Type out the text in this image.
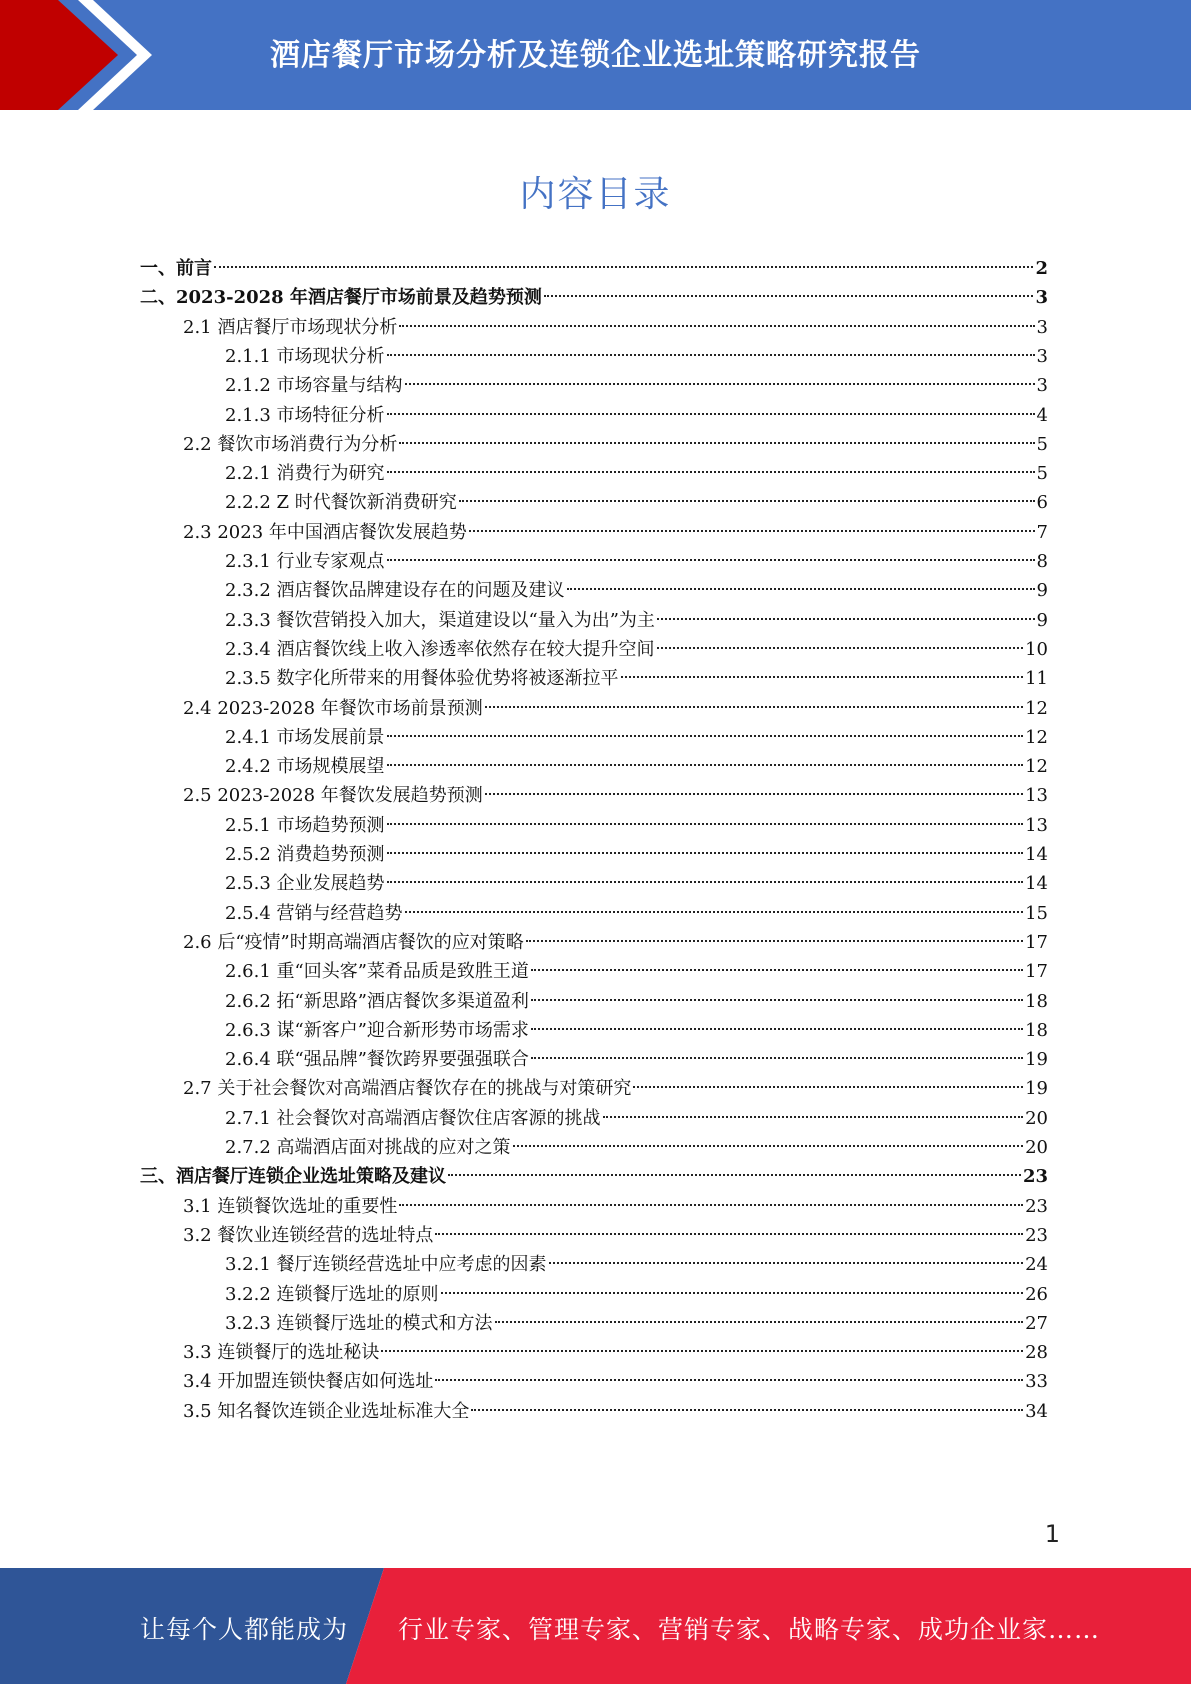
酒店餐厅市场分析及连锁企业选址策略研究报告
内容目录
一、前言	2
二、2023-2028 年酒店餐厅市场前景及趋势预测	3
2.1 酒店餐厅市场现状分析	3
2.1.1 市场现状分析	3
2.1.2 市场容量与结构	3
2.1.3 市场特征分析	4
2.2 餐饮市场消费行为分析	5
2.2.1 消费行为研究	5
2.2.2 Z 时代餐饮新消费研究	6
2.3 2023 年中国酒店餐饮发展趋势	7
2.3.1 行业专家观点	8
2.3.2 酒店餐饮品牌建设存在的问题及建议	9
2.3.3 餐饮营销投入加大，渠道建设以“量入为出”为主	9
2.3.4 酒店餐饮线上收入渗透率依然存在较大提升空间	10
2.3.5 数字化所带来的用餐体验优势将被逐渐拉平	11
2.4 2023-2028 年餐饮市场前景预测	12
2.4.1 市场发展前景	12
2.4.2 市场规模展望	12
2.5 2023-2028 年餐饮发展趋势预测	13
2.5.1 市场趋势预测	13
2.5.2 消费趋势预测	14
2.5.3 企业发展趋势	14
2.5.4 营销与经营趋势	15
2.6 后“疫情”时期高端酒店餐饮的应对策略	17
2.6.1 重“回头客”菜肴品质是致胜王道	17
2.6.2 拓“新思路”酒店餐饮多渠道盈利	18
2.6.3 谋“新客户”迎合新形势市场需求	18
2.6.4 联“强品牌”餐饮跨界要强强联合	19
2.7 关于社会餐饮对高端酒店餐饮存在的挑战与对策研究	19
2.7.1 社会餐饮对高端酒店餐饮住店客源的挑战	20
2.7.2 高端酒店面对挑战的应对之策	20
三、酒店餐厅连锁企业选址策略及建议	23
3.1 连锁餐饮选址的重要性	23
3.2 餐饮业连锁经营的选址特点	23
3.2.1 餐厅连锁经营选址中应考虑的因素	24
3.2.2 连锁餐厅选址的原则	26
3.2.3 连锁餐厅选址的模式和方法	27
3.3 连锁餐厅的选址秘诀	28
3.4 开加盟连锁快餐店如何选址	33
3.5 知名餐饮连锁企业选址标准大全	34
1
让每个人都能成为 行业专家、管理专家、营销专家、战略专家、成功企业家……
